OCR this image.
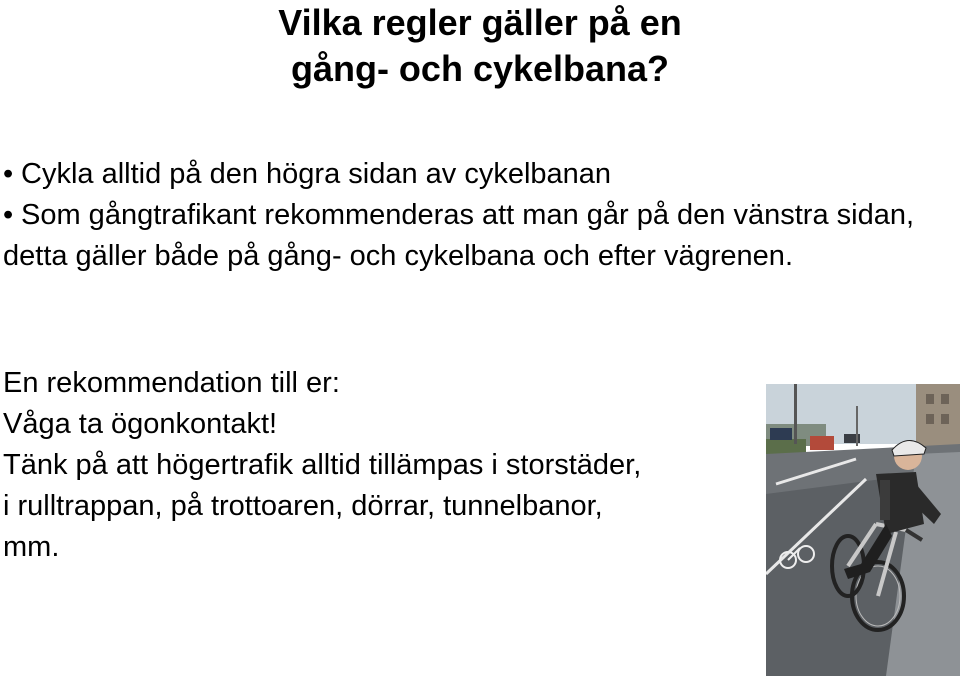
Vilka regler gäller på en
gång- och cykelbana?
• Cykla alltid på den högra sidan av cykelbanan
• Som gångtrafikant rekommenderas att man går på den vänstra sidan, detta gäller både på gång- och cykelbana och efter vägrenen.
En rekommendation till er:
Våga ta ögonkontakt!
Tänk på att högertrafik alltid tillämpas i storstäder,
i rulltrappan, på trottoaren, dörrar, tunnelbanor,
mm.
